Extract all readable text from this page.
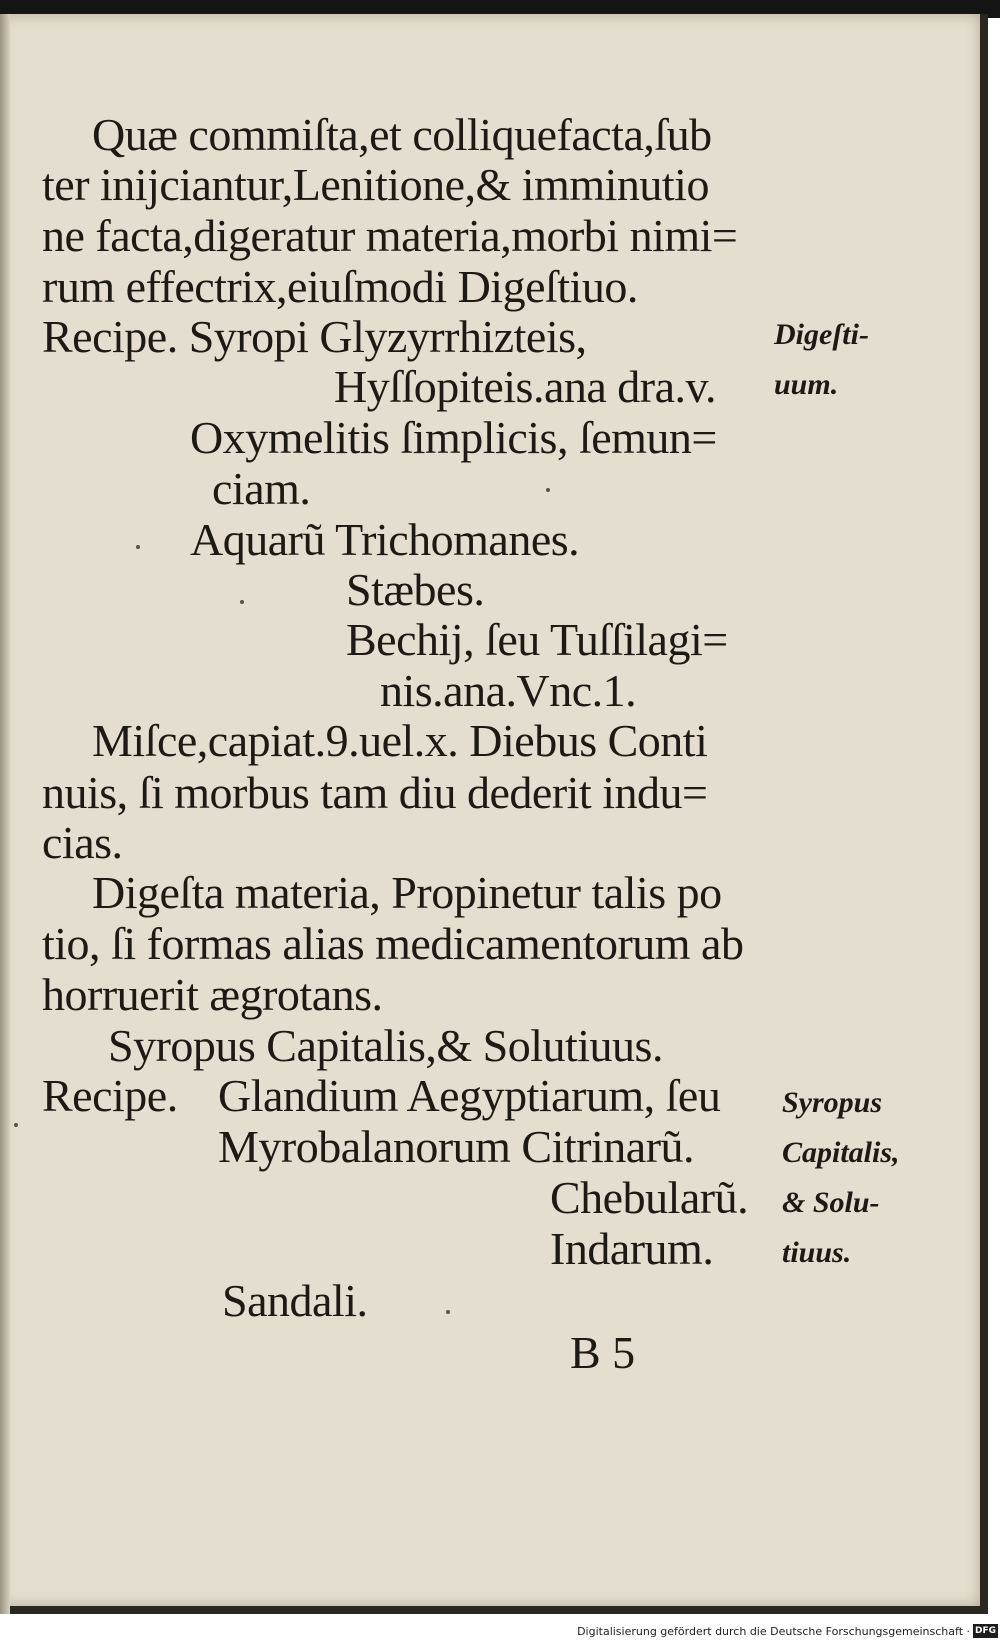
Quæ commiſta,et colliquefacta,ſub
ter inijciantur,Lenitione,& imminutio
ne facta,digeratur materia,morbi nimi=
rum effectrix,eiuſmodi Digeſtiuo.
Recipe. Syropi Glyzyrrhizteis,
Hyſſopiteis.ana dra.v.
Oxymelitis ſimplicis, ſemun=
ciam.
Aquarũ Trichomanes.
Stæbes.
Bechij, ſeu Tuſſilagi=
nis.ana.Vnc.1.
Miſce,capiat.9.uel.x. Diebus Conti
nuis, ſi morbus tam diu dederit indu=
cias.
Digeſta materia, Propinetur talis po
tio, ſi formas alias medicamentorum ab
horruerit ægrotans.
Syropus Capitalis,& Solutiuus.
Recipe. Glandium Aegyptiarum, ſeu
Myrobalanorum Citrinarũ.
Chebularũ.
Indarum.
Sandali.
Digeſti-
uum.
Syropus
Capitalis,
& Solu-
tiuus.
B 5
Digitalisierung gefördert durch die Deutsche Forschungsgemeinschaft · DFG
